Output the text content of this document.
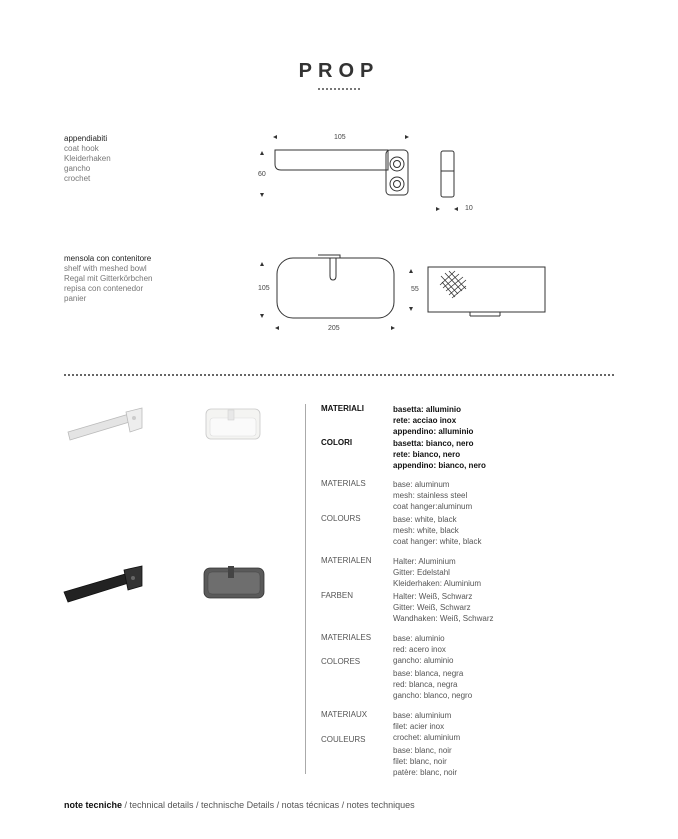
PROP
appendiabiti
coat hook
Kleiderhaken
gancho
crochet
105
60
10
mensola con contenitore
shelf with meshed bowl
Regal mit Gitterkörbchen
repisa con contenedor
panier
105
205
55
MATERIALI	basetta: alluminio
rete: acciao inox
appendino: alluminio
COLORI	basetta: bianco, nero
rete: bianco, nero
appendino: bianco, nero
MATERIALS	base: aluminum
mesh: stainless steel
coat hanger:aluminum
COLOURS	base: white, black
mesh: white, black
coat hanger: white, black
MATERIALEN	Halter: Aluminium
Gitter: Edelstahl
Kleiderhaken: Aluminium
FARBEN	Halter: Weiß, Schwarz
Gitter: Weiß, Schwarz
Wandhaken: Weiß, Schwarz
MATERIALES	base: aluminio
red: acero inox
gancho: aluminio
COLORES
base: blanca, negra
red: blanca, negra
gancho: blanco, negro
MATERIAUX	base: aluminium
filet: acier inox
crochet: aluminium
COULEURS
base: blanc, noir
filet: blanc, noir
patère: blanc, noir
note tecniche / technical details / technische Details / notas técnicas / notes techniques
